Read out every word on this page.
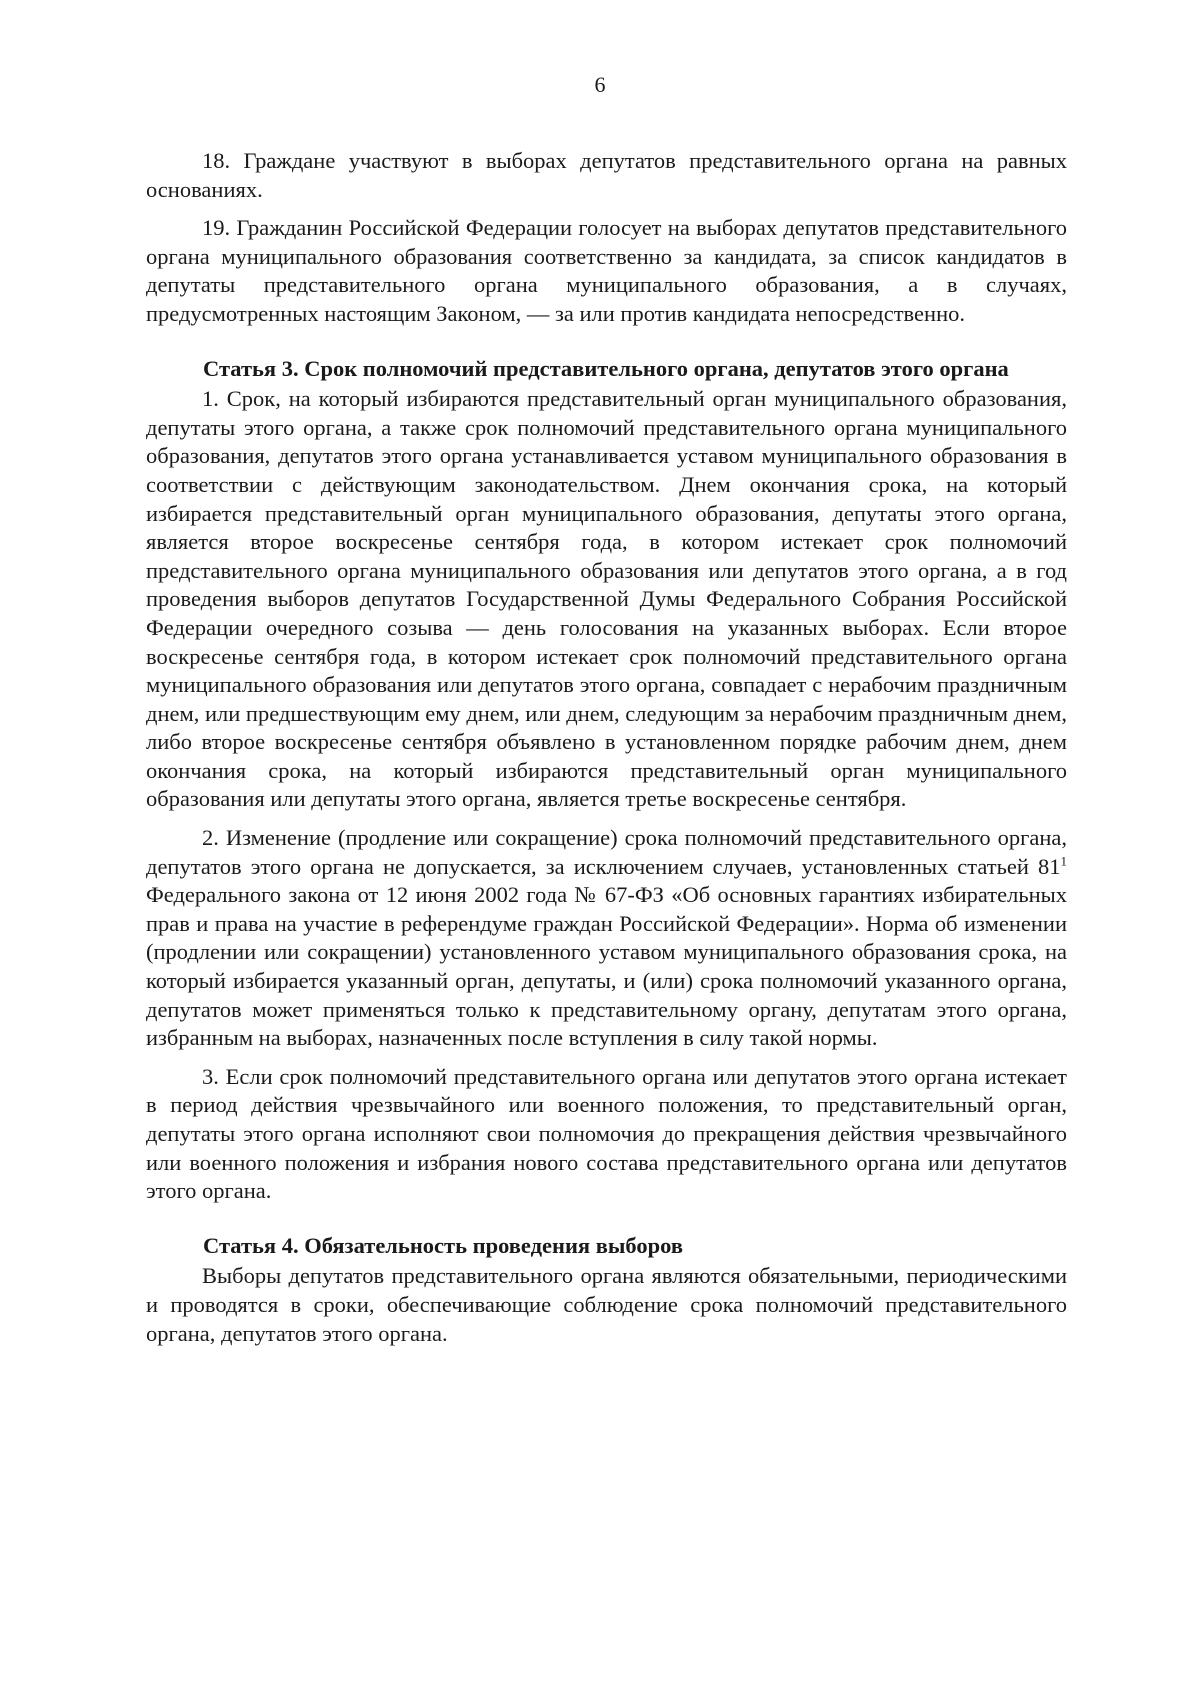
6

18. Граждане участвуют в выборах депутатов представительного органа на равных основаниях.

19. Гражданин Российской Федерации голосует на выборах депутатов представительного органа муниципального образования соответственно за кандидата, за список кандидатов в депутаты представительного органа муниципального образования, а в случаях, предусмотренных настоящим Законом, — за или против кандидата непосредственно.

Статья 3. Срок полномочий представительного органа, депутатов этого органа

1. Срок, на который избираются представительный орган муниципального образования, депутаты этого органа, а также срок полномочий представительного органа муниципального образования, депутатов этого органа устанавливается уставом муниципального образования в соответствии с действующим законодательством. Днем окончания срока, на который избирается представительный орган муниципального образования, депутаты этого органа, является второе воскресенье сентября года, в котором истекает срок полномочий представительного органа муниципального образования или депутатов этого органа, а в год проведения выборов депутатов Государственной Думы Федерального Собрания Российской Федерации очередного созыва — день голосования на указанных выборах. Если второе воскресенье сентября года, в котором истекает срок полномочий представительного органа муниципального образования или депутатов этого органа, совпадает с нерабочим праздничным днем, или предшествующим ему днем, или днем, следующим за нерабочим праздничным днем, либо второе воскресенье сентября объявлено в установленном порядке рабочим днем, днем окончания срока, на который избираются представительный орган муниципального образования или депутаты этого органа, является третье воскресенье сентября.

2. Изменение (продление или сокращение) срока полномочий представительного органа, депутатов этого органа не допускается, за исключением случаев, установленных статьей $81^1$ Федерального закона от 12 июня 2002 года № 67-ФЗ «Об основных гарантиях избирательных прав и права на участие в референдуме граждан Российской Федерации». Норма об изменении (продлении или сокращении) установленного уставом муниципального образования срока, на который избирается указанный орган, депутаты, и (или) срока полномочий указанного органа, депутатов может применяться только к представительному органу, депутатам этого органа, избранным на выборах, назначенных после вступления в силу такой нормы.

3. Если срок полномочий представительного органа или депутатов этого органа истекает в период действия чрезвычайного или военного положения, то представительный орган, депутаты этого органа исполняют свои полномочия до прекращения действия чрезвычайного или военного положения и избрания нового состава представительного органа или депутатов этого органа.

Статья 4. Обязательность проведения выборов

Выборы депутатов представительного органа являются обязательными, периодическими и проводятся в сроки, обеспечивающие соблюдение срока полномочий представительного органа, депутатов этого органа.
